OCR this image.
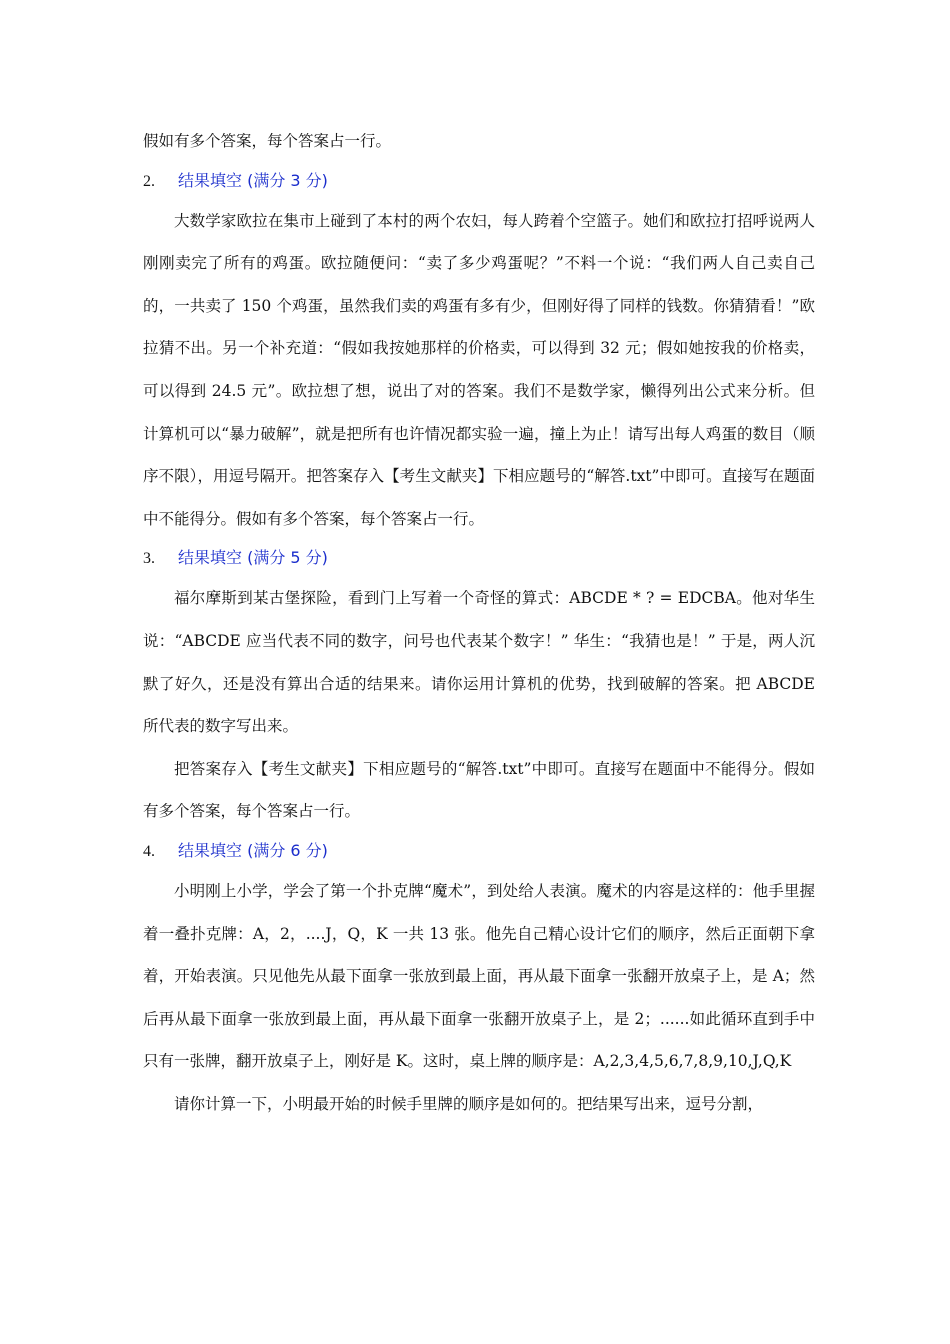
假如有多个答案，每个答案占一行。

2.	结果填空 (满分 3 分)

大数学家欧拉在集市上碰到了本村的两个农妇，每人跨着个空篮子。她们和欧拉打招呼说两人刚刚卖完了所有的鸡蛋。欧拉随便问：“卖了多少鸡蛋呢？”不料一个说：“我们两人自己卖自己的，一共卖了 150 个鸡蛋，虽然我们卖的鸡蛋有多有少，但刚好得了同样的钱数。你猜猜看！”欧拉猜不出。另一个补充道：“假如我按她那样的价格卖，可以得到 32 元；假如她按我的价格卖，可以得到 24.5 元”。欧拉想了想，说出了对的答案。我们不是数学家，懒得列出公式来分析。但计算机可以“暴力破解”，就是把所有也许情况都实验一遍，撞上为止！请写出每人鸡蛋的数目（顺序不限），用逗号隔开。把答案存入【考生文献夹】下相应题号的“解答.txt”中即可。直接写在题面中不能得分。假如有多个答案，每个答案占一行。

3.	结果填空 (满分 5 分)

福尔摩斯到某古堡探险，看到门上写着一个奇怪的算式：ABCDE * ? = EDCBA。他对华生说：“ABCDE 应当代表不同的数字，问号也代表某个数字！” 华生：“我猜也是！” 于是，两人沉默了好久，还是没有算出合适的结果来。请你运用计算机的优势，找到破解的答案。把 ABCDE 所代表的数字写出来。

把答案存入【考生文献夹】下相应题号的“解答.txt”中即可。直接写在题面中不能得分。假如有多个答案，每个答案占一行。

4.	结果填空 (满分 6 分)

小明刚上小学，学会了第一个扑克牌“魔术”，到处给人表演。魔术的内容是这样的：他手里握着一叠扑克牌：A，2，....J，Q，K 一共 13 张。他先自己精心设计它们的顺序，然后正面朝下拿着，开始表演。只见他先从最下面拿一张放到最上面，再从最下面拿一张翻开放桌子上，是 A；然后再从最下面拿一张放到最上面，再从最下面拿一张翻开放桌子上，是 2；......如此循环直到手中只有一张牌，翻开放桌子上，刚好是 K。这时，桌上牌的顺序是：A,2,3,4,5,6,7,8,9,10,J,Q,K

请你计算一下，小明最开始的时候手里牌的顺序是如何的。把结果写出来，逗号分割，
